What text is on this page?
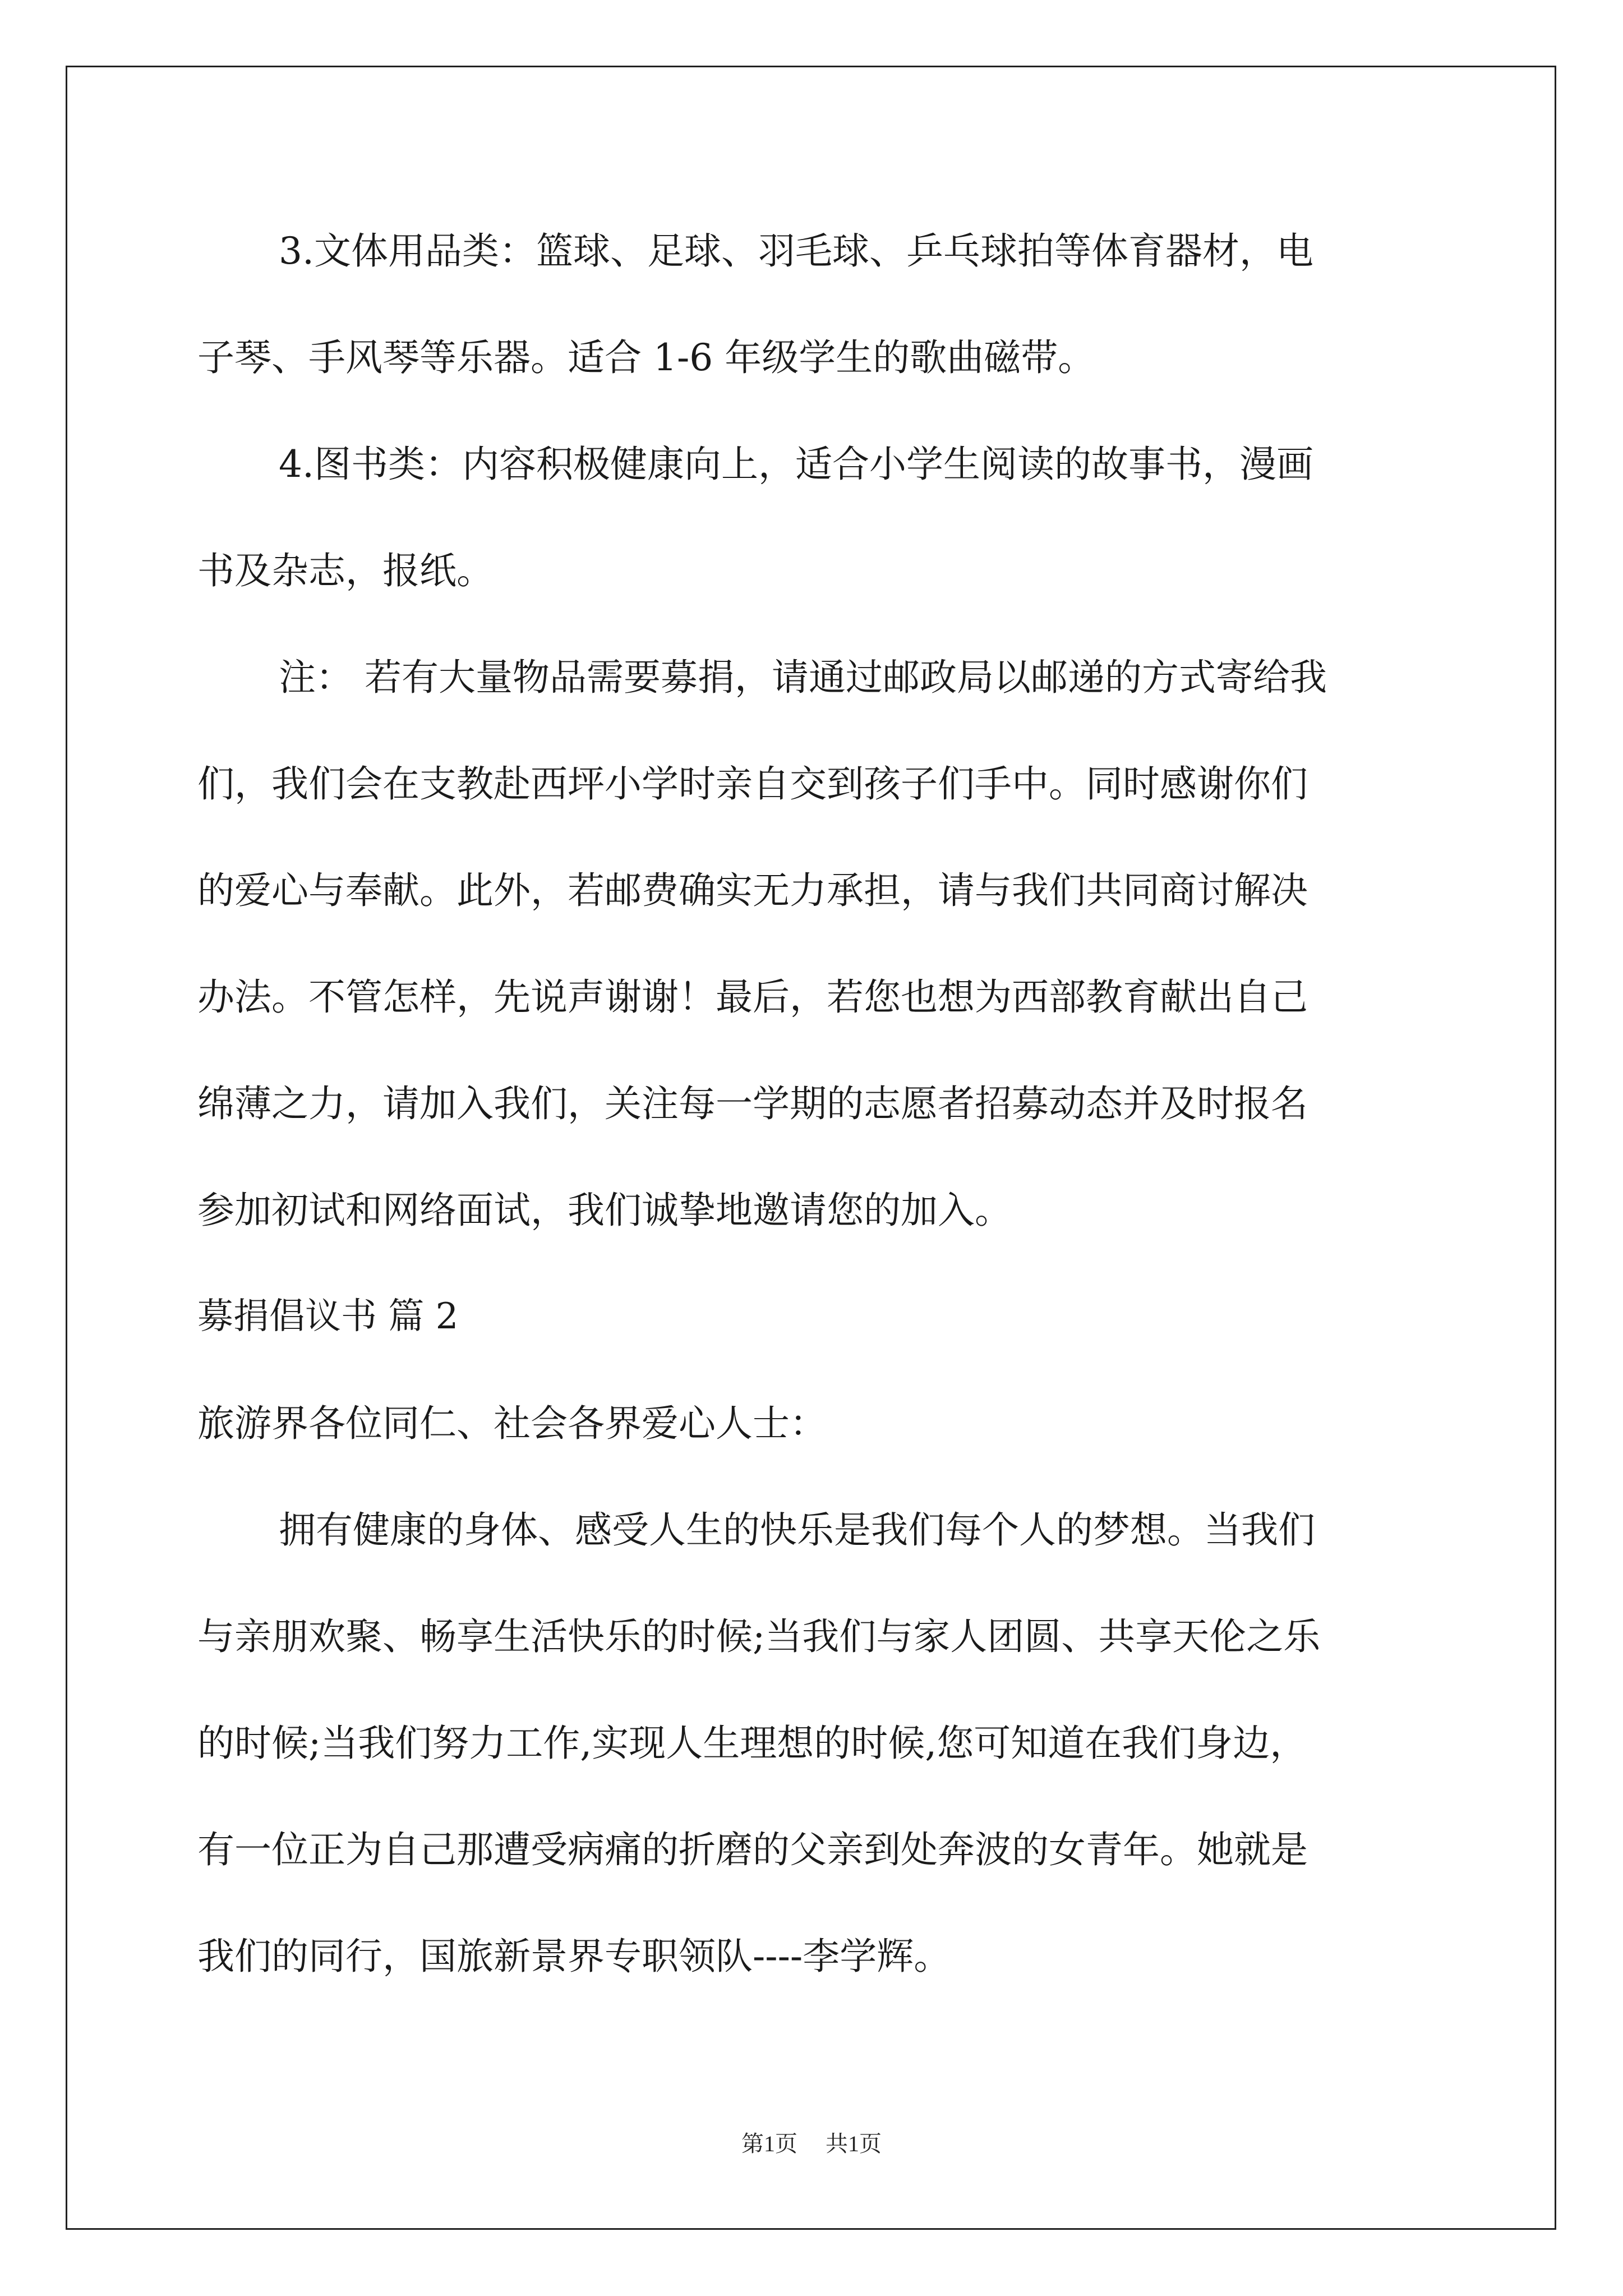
3.文体用品类：篮球、足球、羽毛球、乒乓球拍等体育器材，电
子琴、手风琴等乐器。适合 1-6 年级学生的歌曲磁带。
4.图书类：内容积极健康向上，适合小学生阅读的故事书，漫画
书及杂志，报纸。
注： 若有大量物品需要募捐，请通过邮政局以邮递的方式寄给我
们，我们会在支教赴西坪小学时亲自交到孩子们手中。同时感谢你们
的爱心与奉献。此外，若邮费确实无力承担，请与我们共同商讨解决
办法。不管怎样，先说声谢谢！最后，若您也想为西部教育献出自己
绵薄之力，请加入我们，关注每一学期的志愿者招募动态并及时报名
参加初试和网络面试，我们诚挚地邀请您的加入。
募捐倡议书 篇 2
旅游界各位同仁、社会各界爱心人士：
拥有健康的身体、感受人生的快乐是我们每个人的梦想。当我们
与亲朋欢聚、畅享生活快乐的时候;当我们与家人团圆、共享天伦之乐
的时候;当我们努力工作,实现人生理想的时候,您可知道在我们身边，
有一位正为自己那遭受病痛的折磨的父亲到处奔波的女青年。她就是
我们的同行，国旅新景界专职领队----李学辉。
第1页 共1页
